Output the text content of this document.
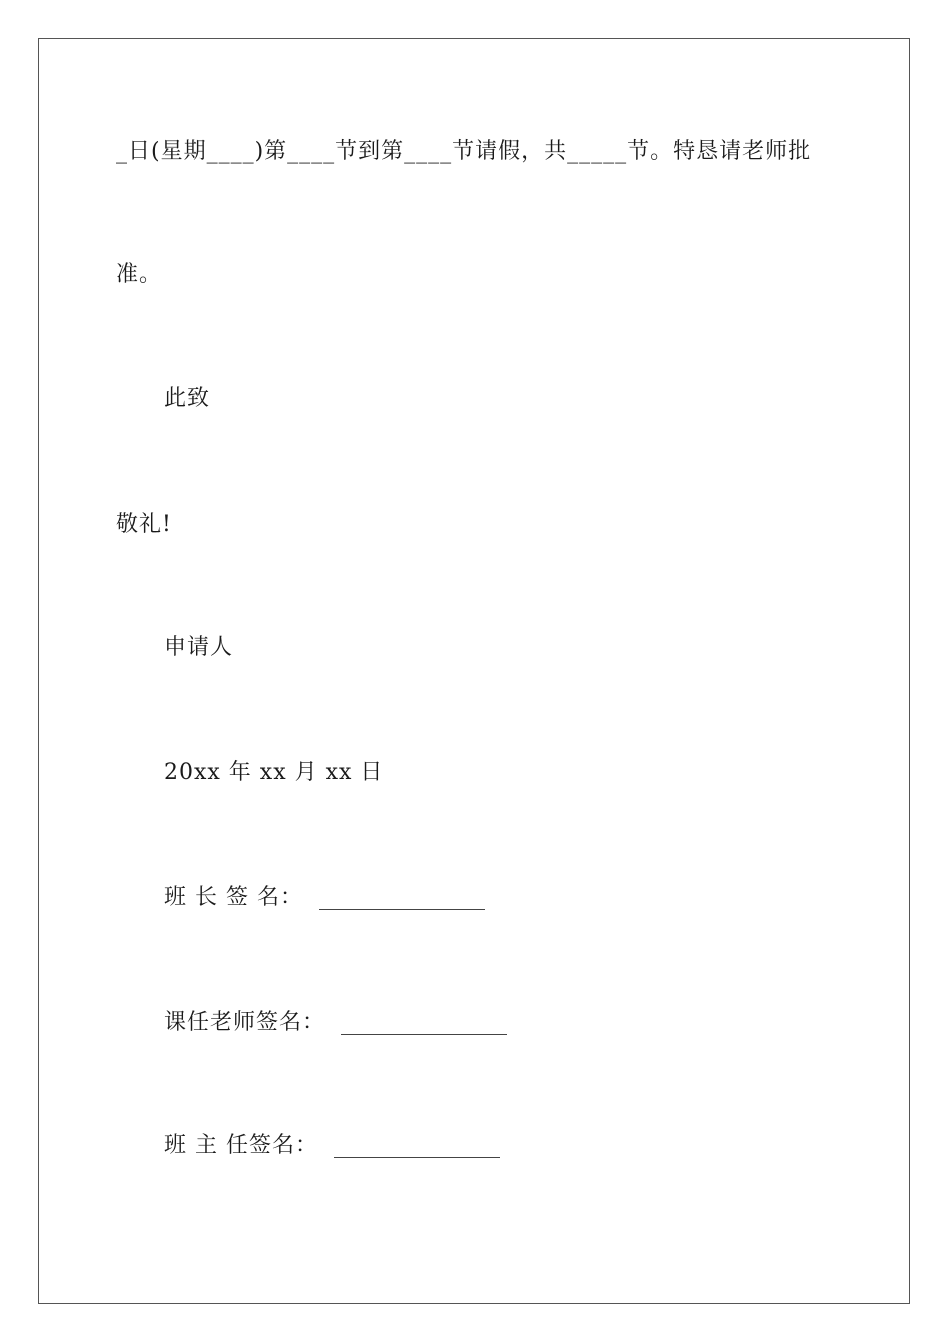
_日(星期____)第____节到第____节请假，共_____节。特恳请老师批
准。
此致
敬礼!
申请人
20xx 年 xx 月 xx 日
班 长 签 名：
课任老师签名：
班 主 任签名：
